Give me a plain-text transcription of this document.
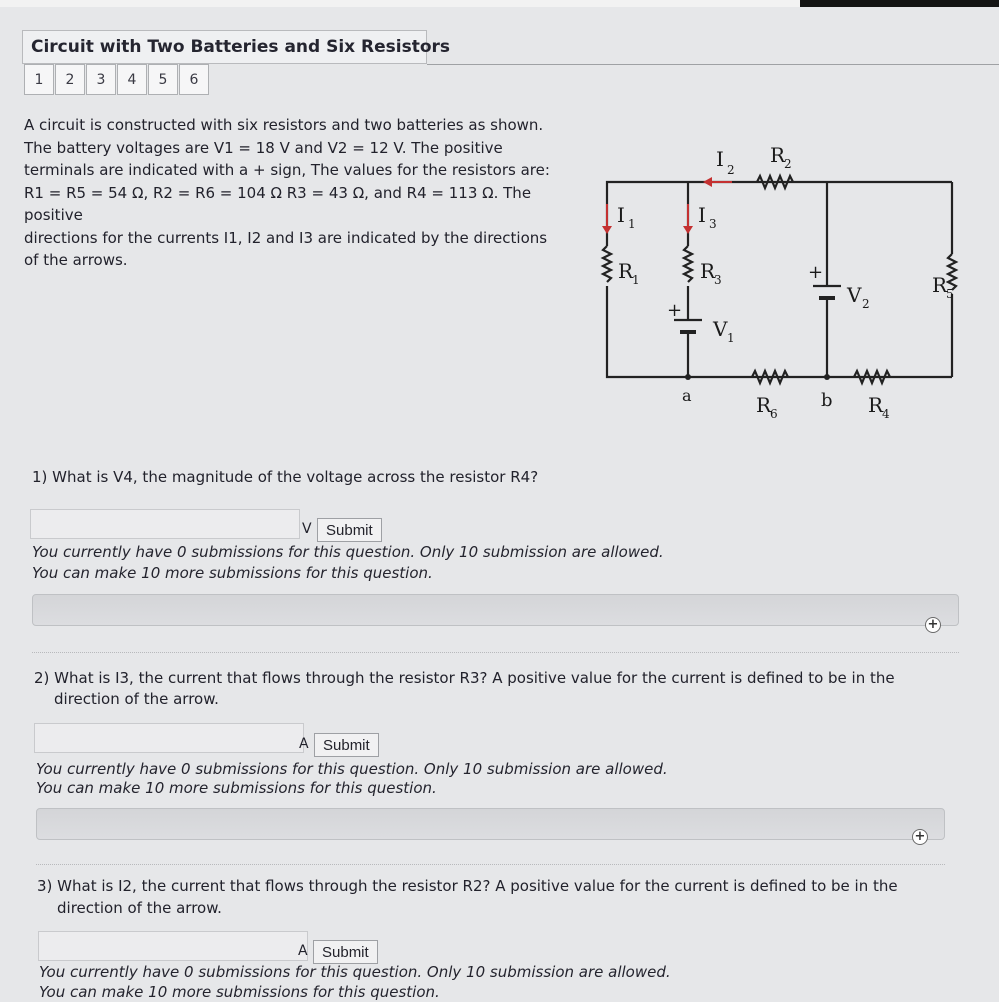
Circuit with Two Batteries and Six Resistors
1	2	3	4	5	6
A circuit is constructed with six resistors and two batteries as shown.
The battery voltages are V1 = 18 V and V2 = 12 V. The positive
terminals are indicated with a + sign, The values for the resistors are:
R1 = R5 = 54 Ω, R2 = R6 = 104 Ω R3 = 43 Ω, and R4 = 113 Ω. The positive
directions for the currents I1, I2 and I3 are indicated by the directions
of the arrows.
I 1	I 3
I 2
R
2
R
1	R
3	R
5
R
6	R
4
V 1
V 2
+
+
a	b
1) What is V4, the magnitude of the voltage across the resistor R4?
V Submit
You currently have 0 submissions for this question. Only 10 submission are allowed.
You can make 10 more submissions for this question.
+
2) What is I3, the current that flows through the resistor R3? A positive value for the current is defined to be in the
direction of the arrow.
A Submit
You currently have 0 submissions for this question. Only 10 submission are allowed.
You can make 10 more submissions for this question.
+
3) What is I2, the current that flows through the resistor R2? A positive value for the current is defined to be in the
direction of the arrow.
A Submit
You currently have 0 submissions for this question. Only 10 submission are allowed.
You can make 10 more submissions for this question.
